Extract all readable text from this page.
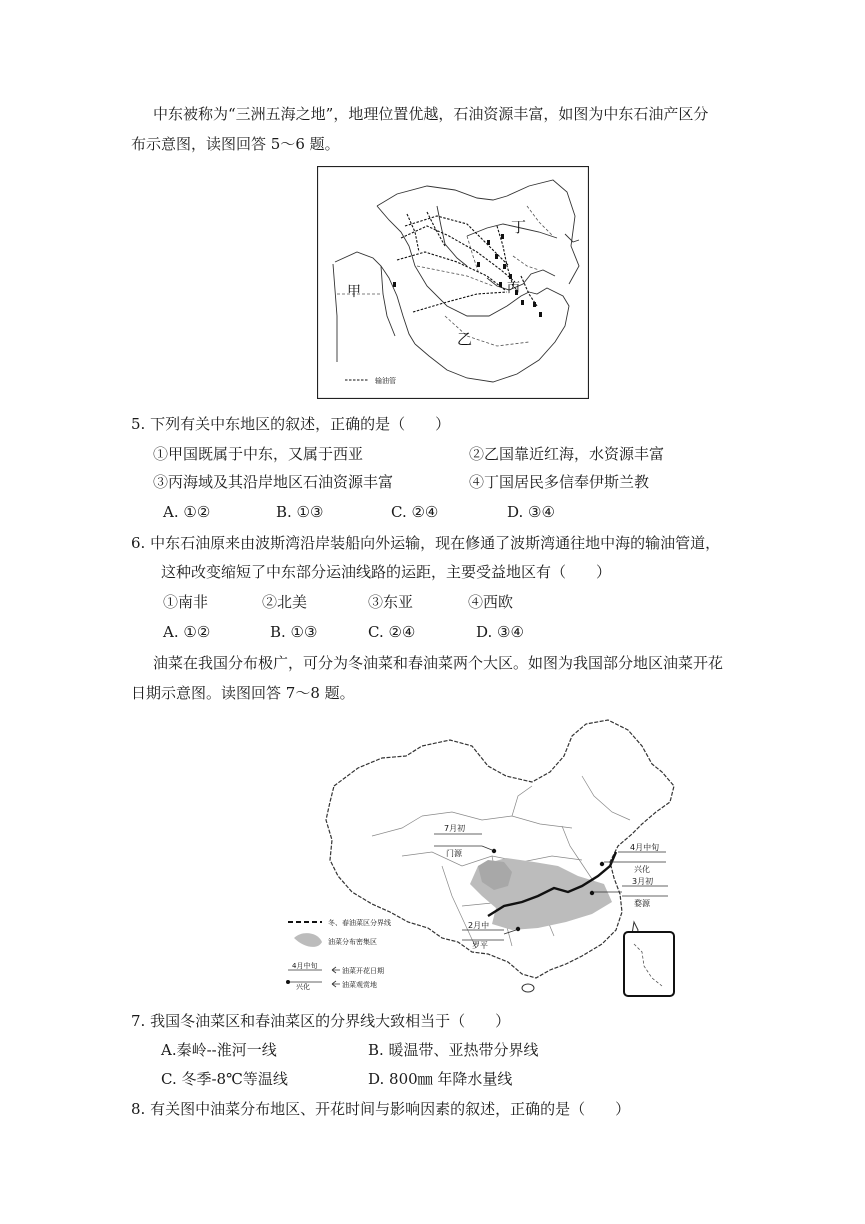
中东被称为“三洲五海之地”，地理位置优越，石油资源丰富，如图为中东石油产区分
布示意图，读图回答 5～6 题。
甲
乙
丙
丁
输油管
5. 下列有关中东地区的叙述，正确的是（　　）
①甲国既属于中东，又属于西亚	②乙国靠近红海，水资源丰富
③丙海域及其沿岸地区石油资源丰富	④丁国居民多信奉伊斯兰教
A. ①②	B. ①③	C. ②④	D. ③④
6. 中东石油原来由波斯湾沿岸装船向外运输，现在修通了波斯湾通往地中海的输油管道，
这种改变缩短了中东部分运油线路的运距，主要受益地区有（　　）
①南非	②北美	③东亚	④西欧
A. ①②	B. ①③	C. ②④	D. ③④
油菜在我国分布极广，可分为冬油菜和春油菜两个大区。如图为我国部分地区油菜开花
日期示意图。读图回答 7～8 题。
7月初
门源
4月中旬
兴化
3月初
婺源
2月中
罗平
冬、春油菜区分界线
油菜分布密集区
4月中旬
兴化
油菜开花日期
油菜观赏地
7. 我国冬油菜区和春油菜区的分界线大致相当于（　　）
A.秦岭--淮河一线	B. 暖温带、亚热带分界线
C. 冬季-8℃等温线	D. 800㎜ 年降水量线
8. 有关图中油菜分布地区、开花时间与影响因素的叙述，正确的是（　　）
